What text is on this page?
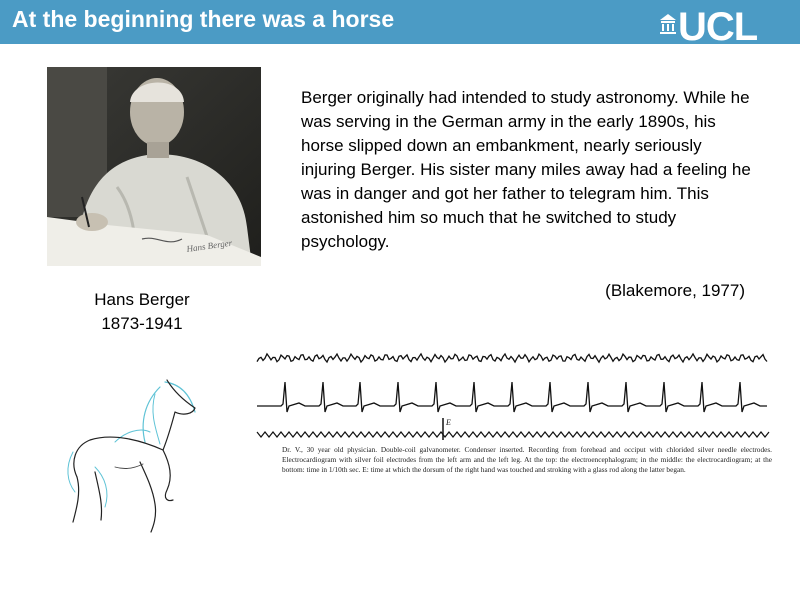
At the beginning there was a horse	UCL
Hans Berger
Hans Berger
1873-1941

Berger originally had intended to study astronomy. While he was serving in the German army in the early 1890s, his horse slipped down an embankment, nearly seriously injuring Berger. His sister many miles away had a feeling he was in danger and got her father to telegram him. This astonished him so much that he switched to study psychology.

(Blakemore, 1977)
E
Dr. V., 30 year old physician. Double-coil galvanometer. Condenser inserted. Recording from forehead and occiput with chlorided silver needle electrodes. Electrocardiogram with silver foil electrodes from the left arm and the left leg. At the top: the electroencephalogram; in the middle: the electrocardiogram; at the bottom: time in 1/10th sec. E: time at which the dorsum of the right hand was touched and stroking with a glass rod along the latter began.
